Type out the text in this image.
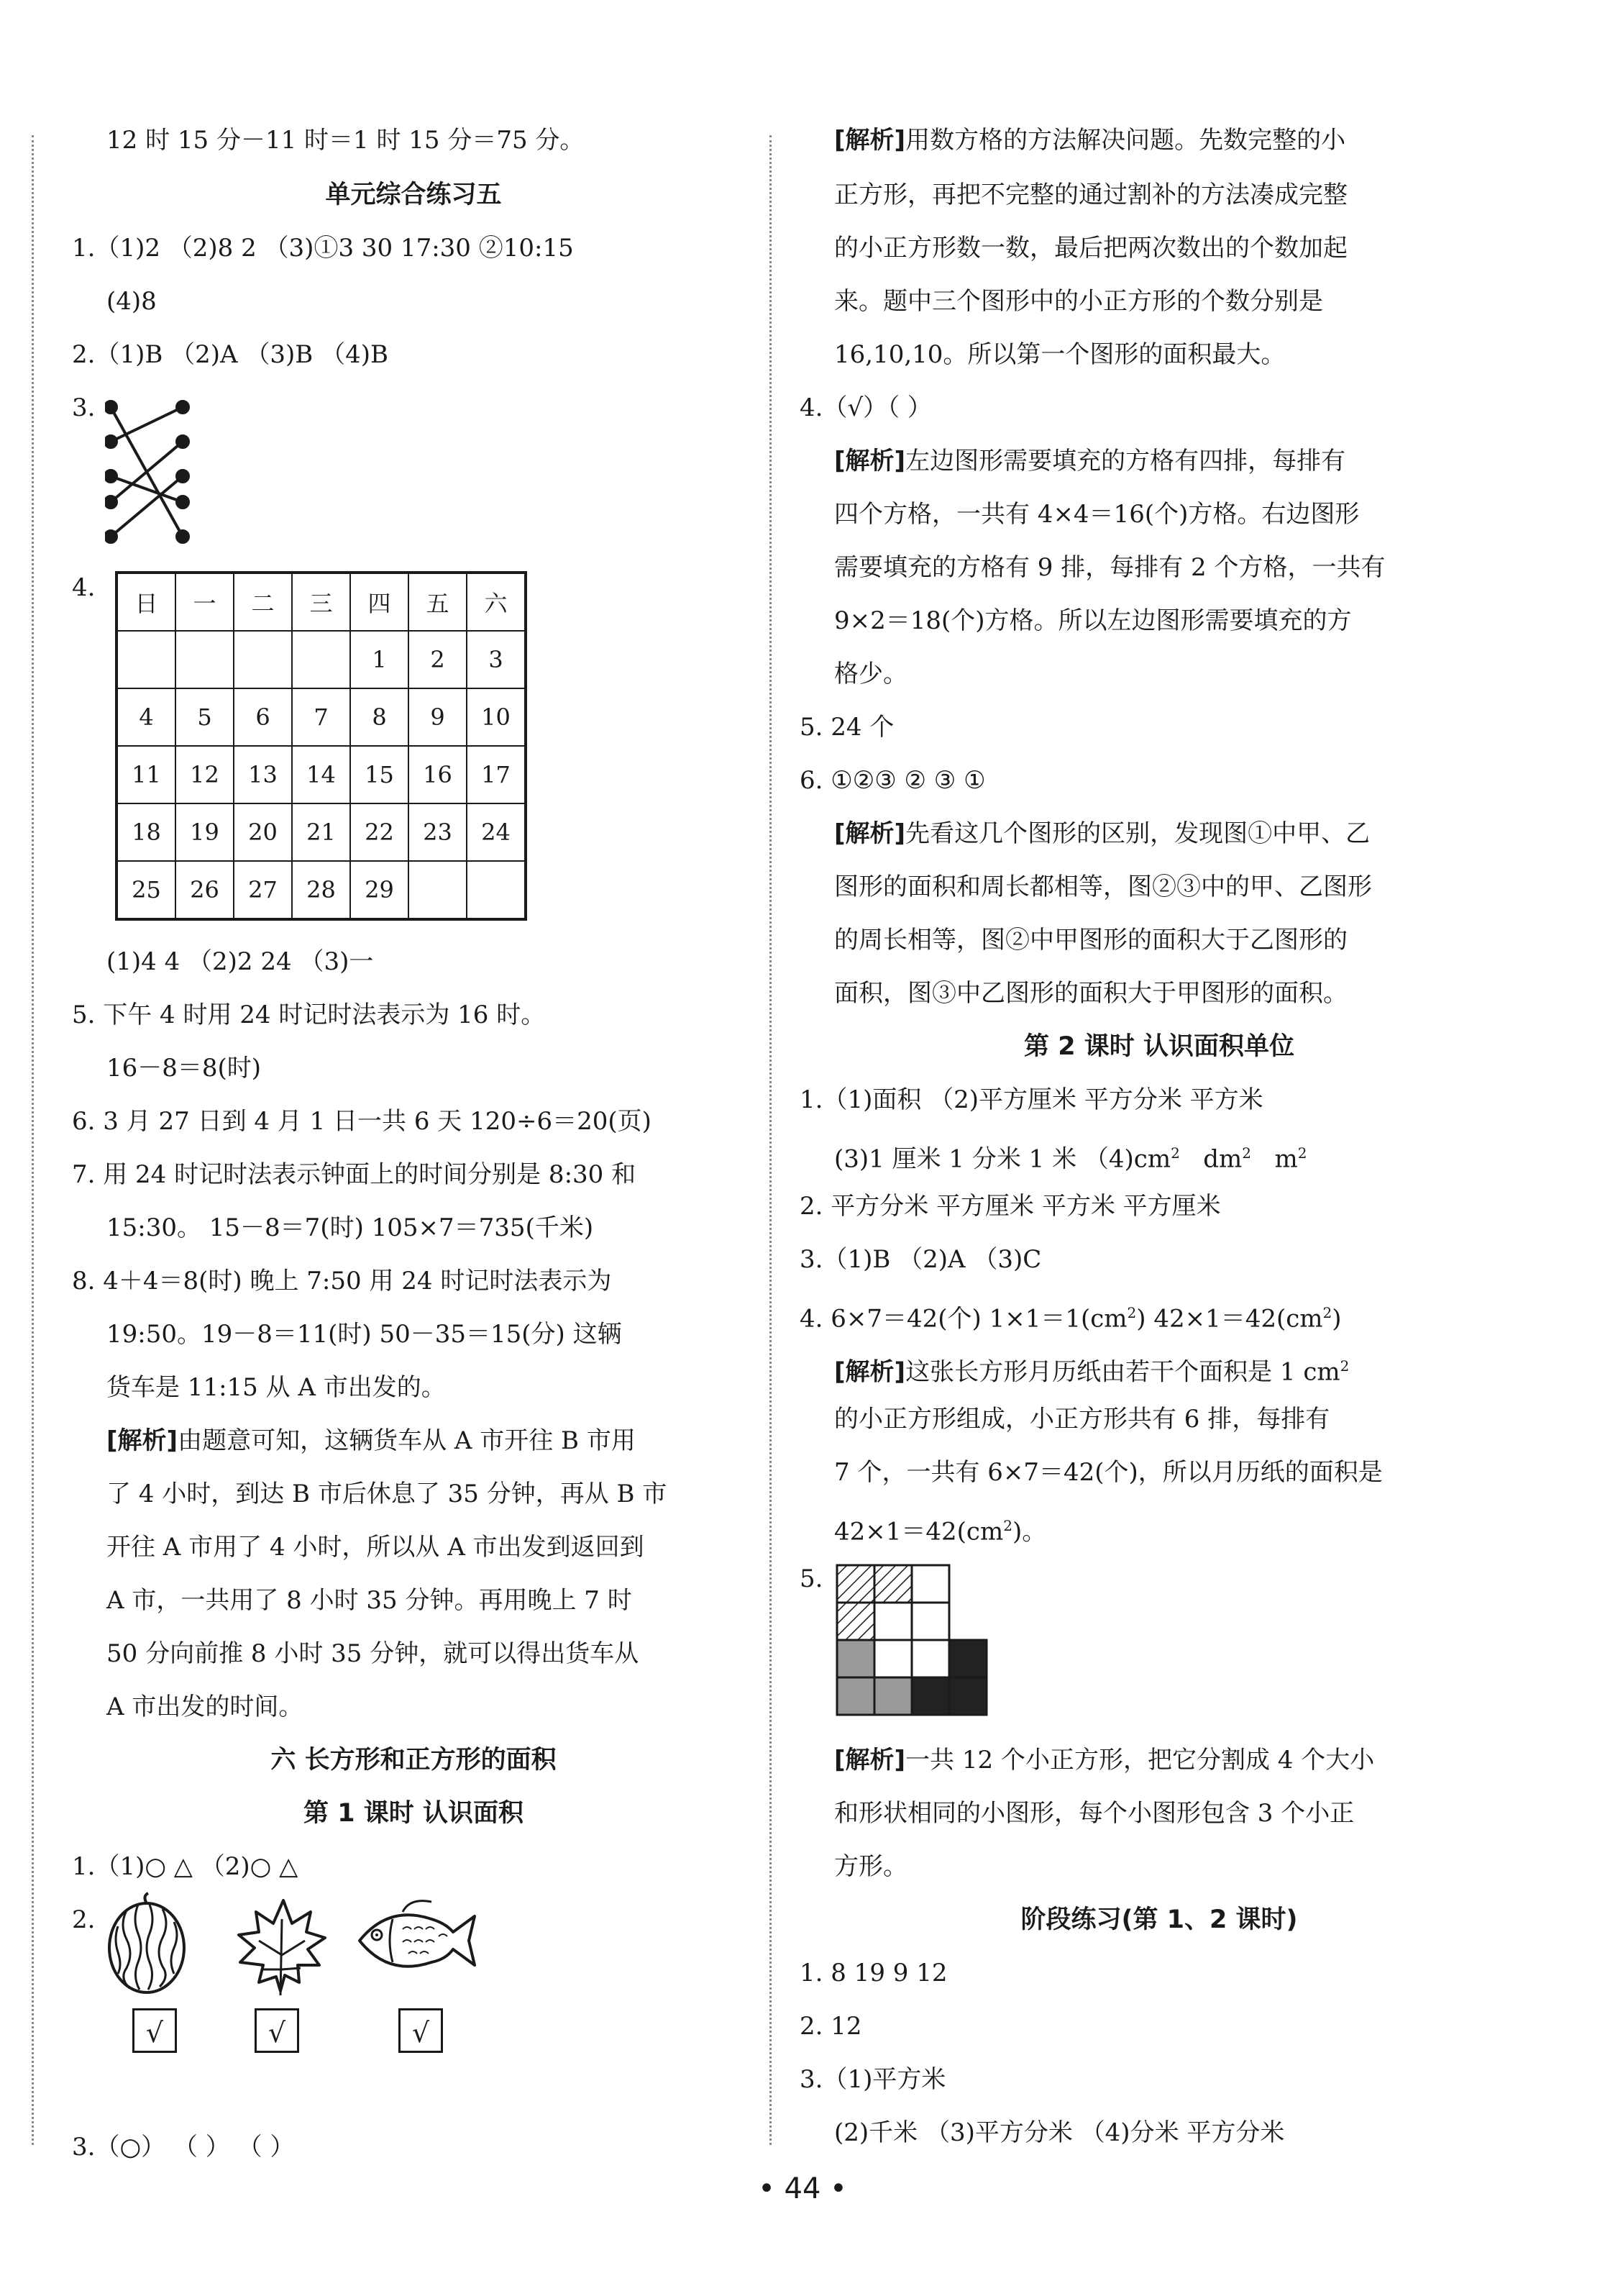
12 时 15 分－11 时＝1 时 15 分＝75 分。
单元综合练习五
1.（1)2 （2)8 2 （3)①3 30 17:30 ②10:15
(4)8
2.（1)B （2)A （3)B （4)B
3.
4.
日	一	二	三	四	五	六
				1	2	3
4	5	6	7	8	9	10
11	12	13	14	15	16	17
18	19	20	21	22	23	24
25	26	27	28	29		
(1)4 4 （2)2 24 （3)一
5. 下午 4 时用 24 时记时法表示为 16 时。
16－8＝8(时)
6. 3 月 27 日到 4 月 1 日一共 6 天 120÷6＝20(页)
7. 用 24 时记时法表示钟面上的时间分别是 8:30 和
15:30。 15－8＝7(时) 105×7＝735(千米)
8. 4＋4＝8(时) 晚上 7:50 用 24 时记时法表示为
19:50。19－8＝11(时) 50－35＝15(分) 这辆
货车是 11:15 从 A 市出发的。
[解析]由题意可知，这辆货车从 A 市开往 B 市用
了 4 小时，到达 B 市后休息了 35 分钟，再从 B 市
开往 A 市用了 4 小时，所以从 A 市出发到返回到
A 市，一共用了 8 小时 35 分钟。再用晚上 7 时
50 分向前推 8 小时 35 分钟，就可以得出货车从
A 市出发的时间。
六 长方形和正方形的面积
第 1 课时 认识面积
1.（1)○ △ （2)○ △
2.
√	√	√
3.（○） （ ） （ ）
[解析]用数方格的方法解决问题。先数完整的小
正方形，再把不完整的通过割补的方法凑成完整
的小正方形数一数，最后把两次数出的个数加起
来。题中三个图形中的小正方形的个数分别是
16,10,10。所以第一个图形的面积最大。
4.（√）（ ）
[解析]左边图形需要填充的方格有四排，每排有
四个方格，一共有 4×4＝16(个)方格。右边图形
需要填充的方格有 9 排，每排有 2 个方格，一共有
9×2＝18(个)方格。所以左边图形需要填充的方
格少。
5. 24 个
6. ①②③ ② ③ ①
[解析]先看这几个图形的区别，发现图①中甲、乙
图形的面积和周长都相等，图②③中的甲、乙图形
的周长相等，图②中甲图形的面积大于乙图形的
面积，图③中乙图形的面积大于甲图形的面积。
第 2 课时 认识面积单位
1.（1)面积 （2)平方厘米 平方分米 平方米
(3)1 厘米 1 分米 1 米 $(4)cm^2$ $dm^2$ $m^2$
2. 平方分米 平方厘米 平方米 平方厘米
3.（1)B （2)A （3)C
4. 6×7＝42(个) $1\times 1=1(cm^2)$ $42\times 1=42(cm^2)$
[解析]这张长方形月历纸由若干个面积是 1 $cm^2$
的小正方形组成，小正方形共有 6 排，每排有
7 个，一共有 6×7＝42(个)，所以月历纸的面积是
$42\times 1=42(cm^2)$。
5.
[解析]一共 12 个小正方形，把它分割成 4 个大小
和形状相同的小图形，每个小图形包含 3 个小正
方形。
阶段练习(第 1、2 课时)
1. 8 19 9 12
2. 12
3.（1)平方米
(2)千米 （3)平方分米 （4)分米 平方分米
• 44 •
